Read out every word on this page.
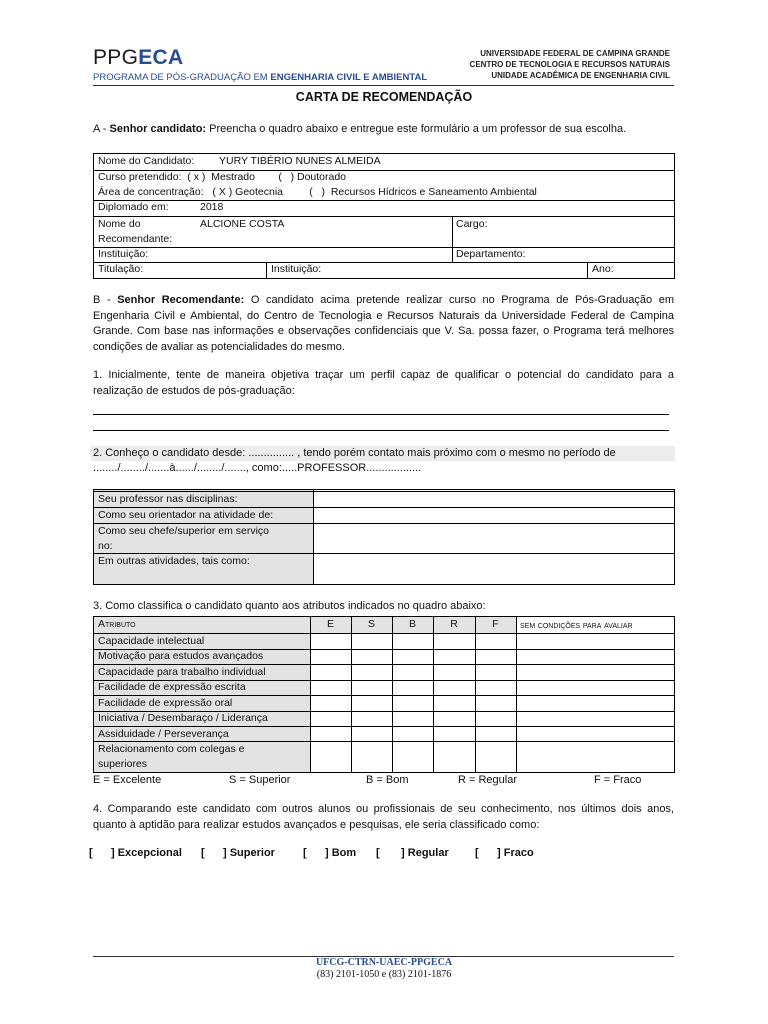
PPGECA
PROGRAMA DE PÓS-GRADUAÇÃO EM ENGENHARIA CIVIL E AMBIENTAL
UNIVERSIDADE FEDERAL DE CAMPINA GRANDE
CENTRO DE TECNOLOGIA E RECURSOS NATURAIS
UNIDADE ACADÊMICA DE ENGENHARIA CIVIL
CARTA DE RECOMENDAÇÃO
A - Senhor candidato: Preencha o quadro abaixo e entregue este formulário a um professor de sua escolha.
Nome do Candidato: YURY TIBÉRIO NUNES ALMEIDA
Curso pretendido:  ( x )  Mestrado        (   ) Doutorado
Área de concentração:   ( X ) Geotecnia         (   )  Recursos Hídricos e Saneamento Ambiental
Diplomado em:	2018
Nome do
Recomendante:
ALCIONE COSTA	Cargo:
Instituição:	Departamento:
Titulação:	Instituição:	Ano:
B - Senhor Recomendante: O candidato acima pretende realizar curso no Programa de Pós-Graduação em Engenharia Civil e Ambiental, do Centro de Tecnologia e Recursos Naturais da Universidade Federal de Campina Grande. Com base nas informações e observações confidenciais que V. Sa. possa fazer, o Programa terá melhores condições de avaliar as potencialidades do mesmo.
1. Inicialmente, tente de maneira objetiva traçar um perfil capaz de qualificar o potencial do candidato para a realização de estudos de pós-graduação:
2. Conheço o candidato desde: ............... , tendo porém contato mais próximo com o mesmo no período de
......../......../.......à....../......../......., como:.....PROFESSOR..................
Seu professor nas disciplinas:
Como seu orientador na atividade de:
Como seu chefe/superior em serviço
no:
Em outras atividades, tais como:
3. Como classifica o candidato quanto aos atributos indicados no quadro abaixo:
Atributo	E	S	B	R	F	sem condições para avaliar
Capacidade intelectual
Motivação para estudos avançados
Capacidade para trabalho individual
Facilidade de expressão escrita
Facilidade de expressão oral
Iniciativa / Desembaraço / Liderança
Assiduidade / Perseverança
Relacionamento com colegas e
superiores
E = Excelente	S = Superior	B = Bom	R = Regular	F = Fraco
4. Comparando este candidato com outros alunos ou profissionais de seu conhecimento, nos últimos dois anos, quanto à aptidão para realizar estudos avançados e pesquisas, ele seria classificado como:
[      ] Excepcional [      ] Superior	[      ] Bom [       ] Regular [      ] Fraco
UFCG-CTRN-UAEC-PPGECA
(83) 2101-1050 e (83) 2101-1876
